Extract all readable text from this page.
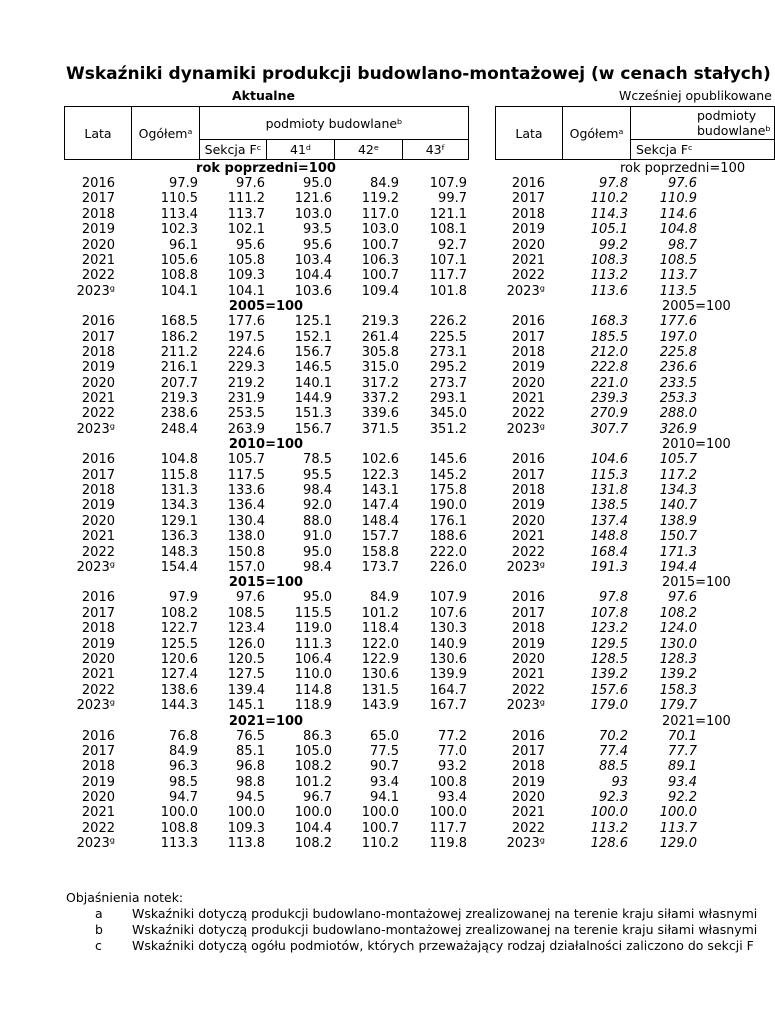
Wskaźniki dynamiki produkcji budowlano-montażowej (w cenach stałych)
Aktualne
Lata	Ogółemᵃ	podmioty budowlaneᵇ			
		Sekcja Fᶜ	41ᵈ	42ᵉ	43ᶠ
Wcześniej opublikowane
Lata	Ogółemᵃ	podmioty budowlaneᵇ
Sekcja Fᶜ
rok poprzedni=100
2016	97.9	97.6	95.0	84.9 107.9
2017	110.5 111.2 121.6 119.2	99.7
2018	113.4 113.7 103.0 117.0 121.1
2019	102.3 102.1	93.5 103.0 108.1
2020	96.1	95.6	95.6 100.7	92.7
2021	105.6 105.8 103.4 106.3 107.1
2022	108.8 109.3 104.4 100.7 117.7
2023ᵍ	104.1 104.1 103.6 109.4 101.8
2005=100
2016	168.5 177.6 125.1 219.3 226.2
2017	186.2 197.5 152.1 261.4 225.5
2018	211.2 224.6 156.7 305.8 273.1
2019	216.1 229.3 146.5 315.0 295.2
2020	207.7 219.2 140.1 317.2 273.7
2021	219.3 231.9 144.9 337.2 293.1
2022	238.6 253.5 151.3 339.6 345.0
2023ᵍ	248.4 263.9 156.7 371.5 351.2
2010=100
2016	104.8 105.7	78.5 102.6 145.6
2017	115.8 117.5	95.5 122.3 145.2
2018	131.3 133.6	98.4 143.1 175.8
2019	134.3 136.4	92.0 147.4 190.0
2020	129.1 130.4	88.0 148.4 176.1
2021	136.3 138.0	91.0 157.7 188.6
2022	148.3 150.8	95.0 158.8 222.0
2023ᵍ	154.4 157.0	98.4 173.7 226.0
2015=100
2016	97.9	97.6	95.0	84.9 107.9
2017	108.2 108.5 115.5 101.2 107.6
2018	122.7 123.4 119.0 118.4 130.3
2019	125.5 126.0 111.3 122.0 140.9
2020	120.6 120.5 106.4 122.9 130.6
2021	127.4 127.5 110.0 130.6 139.9
2022	138.6 139.4 114.8 131.5 164.7
2023ᵍ	144.3 145.1 118.9 143.9 167.7
2021=100
2016	76.8	76.5	86.3	65.0	77.2
2017	84.9	85.1 105.0	77.5	77.0
2018	96.3	96.8 108.2	90.7	93.2
2019	98.5	98.8 101.2	93.4 100.8
2020	94.7	94.5	96.7	94.1	93.4
2021	100.0 100.0 100.0 100.0 100.0
2022	108.8 109.3 104.4 100.7 117.7
2023ᵍ	113.3 113.8 108.2 110.2 119.8
rok poprzedni=100
2016	97.8	97.6
2017	110.2 110.9
2018	114.3 114.6
2019	105.1 104.8
2020	99.2	98.7
2021	108.3 108.5
2022	113.2 113.7
2023ᵍ	113.6 113.5
2005=100
2016	168.3 177.6
2017	185.5 197.0
2018	212.0 225.8
2019	222.8 236.6
2020	221.0 233.5
2021	239.3 253.3
2022	270.9 288.0
2023ᵍ	307.7 326.9
2010=100
2016	104.6 105.7
2017	115.3 117.2
2018	131.8 134.3
2019	138.5 140.7
2020	137.4 138.9
2021	148.8 150.7
2022	168.4 171.3
2023ᵍ	191.3 194.4
2015=100
2016	97.8	97.6
2017	107.8 108.2
2018	123.2 124.0
2019	129.5 130.0
2020	128.5 128.3
2021	139.2 139.2
2022	157.6 158.3
2023ᵍ	179.0 179.7
2021=100
2016	70.2	70.1
2017	77.4	77.7
2018	88.5	89.1
2019	93	93.4
2020	92.3	92.2
2021	100.0 100.0
2022	113.2 113.7
2023ᵍ	128.6 129.0
Objaśnienia notek:
a Wskaźniki dotyczą produkcji budowlano-montażowej zrealizowanej na terenie kraju siłami własnymi
b Wskaźniki dotyczą produkcji budowlano-montażowej zrealizowanej na terenie kraju siłami własnymi
c Wskaźniki dotyczą ogółu podmiotów, których przeważający rodzaj działalności zaliczono do sekcji F
